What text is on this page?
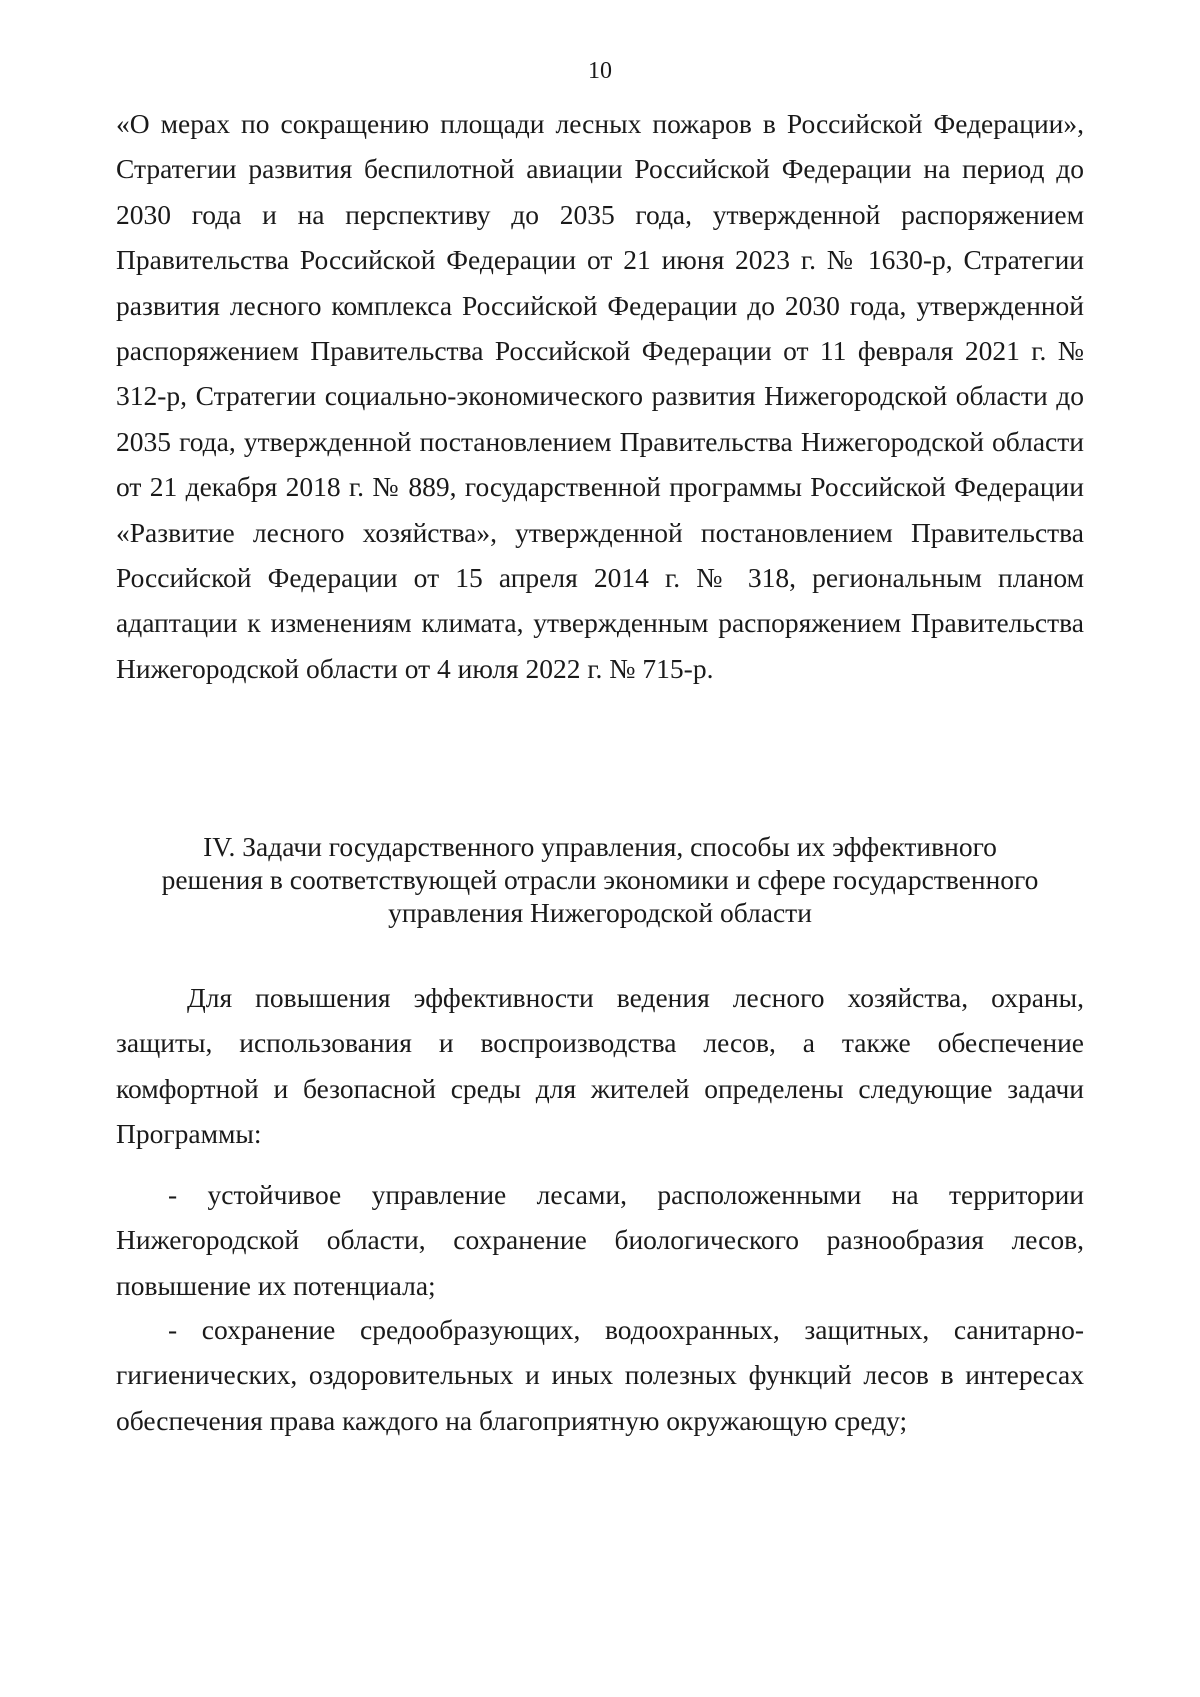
10

«О мерах по сокращению площади лесных пожаров в Российской Федерации», Стратегии развития беспилотной авиации Российской Федерации на период до 2030 года и на перспективу до 2035 года, утвержденной распоряжением Правительства Российской Федерации от 21 июня 2023 г. № 1630-р, Стратегии развития лесного комплекса Российской Федерации до 2030 года, утвержденной распоряжением Правительства Российской Федерации от 11 февраля 2021 г. № 312-р, Стратегии социально-экономического развития Нижегородской области до 2035 года, утвержденной постановлением Правительства Нижегородской области от 21 декабря 2018 г. № 889, государственной программы Российской Федерации «Развитие лесного хозяйства», утвержденной постановлением Правительства Российской Федерации от 15 апреля 2014 г. № 318, региональным планом адаптации к изменениям климата, утвержденным распоряжением Правительства Нижегородской области от 4 июля 2022 г. № 715-р.

IV. Задачи государственного управления, способы их эффективного
решения в соответствующей отрасли экономики и сфере государственного
управления Нижегородской области

Для повышения эффективности ведения лесного хозяйства, охраны, защиты, использования и воспроизводства лесов, а также обеспечение комфортной и безопасной среды для жителей определены следующие задачи Программы:

- устойчивое управление лесами, расположенными на территории Нижегородской области, сохранение биологического разнообразия лесов, повышение их потенциала;

- сохранение средообразующих, водоохранных, защитных, санитарно-гигиенических, оздоровительных и иных полезных функций лесов в интересах обеспечения права каждого на благоприятную окружающую среду;
